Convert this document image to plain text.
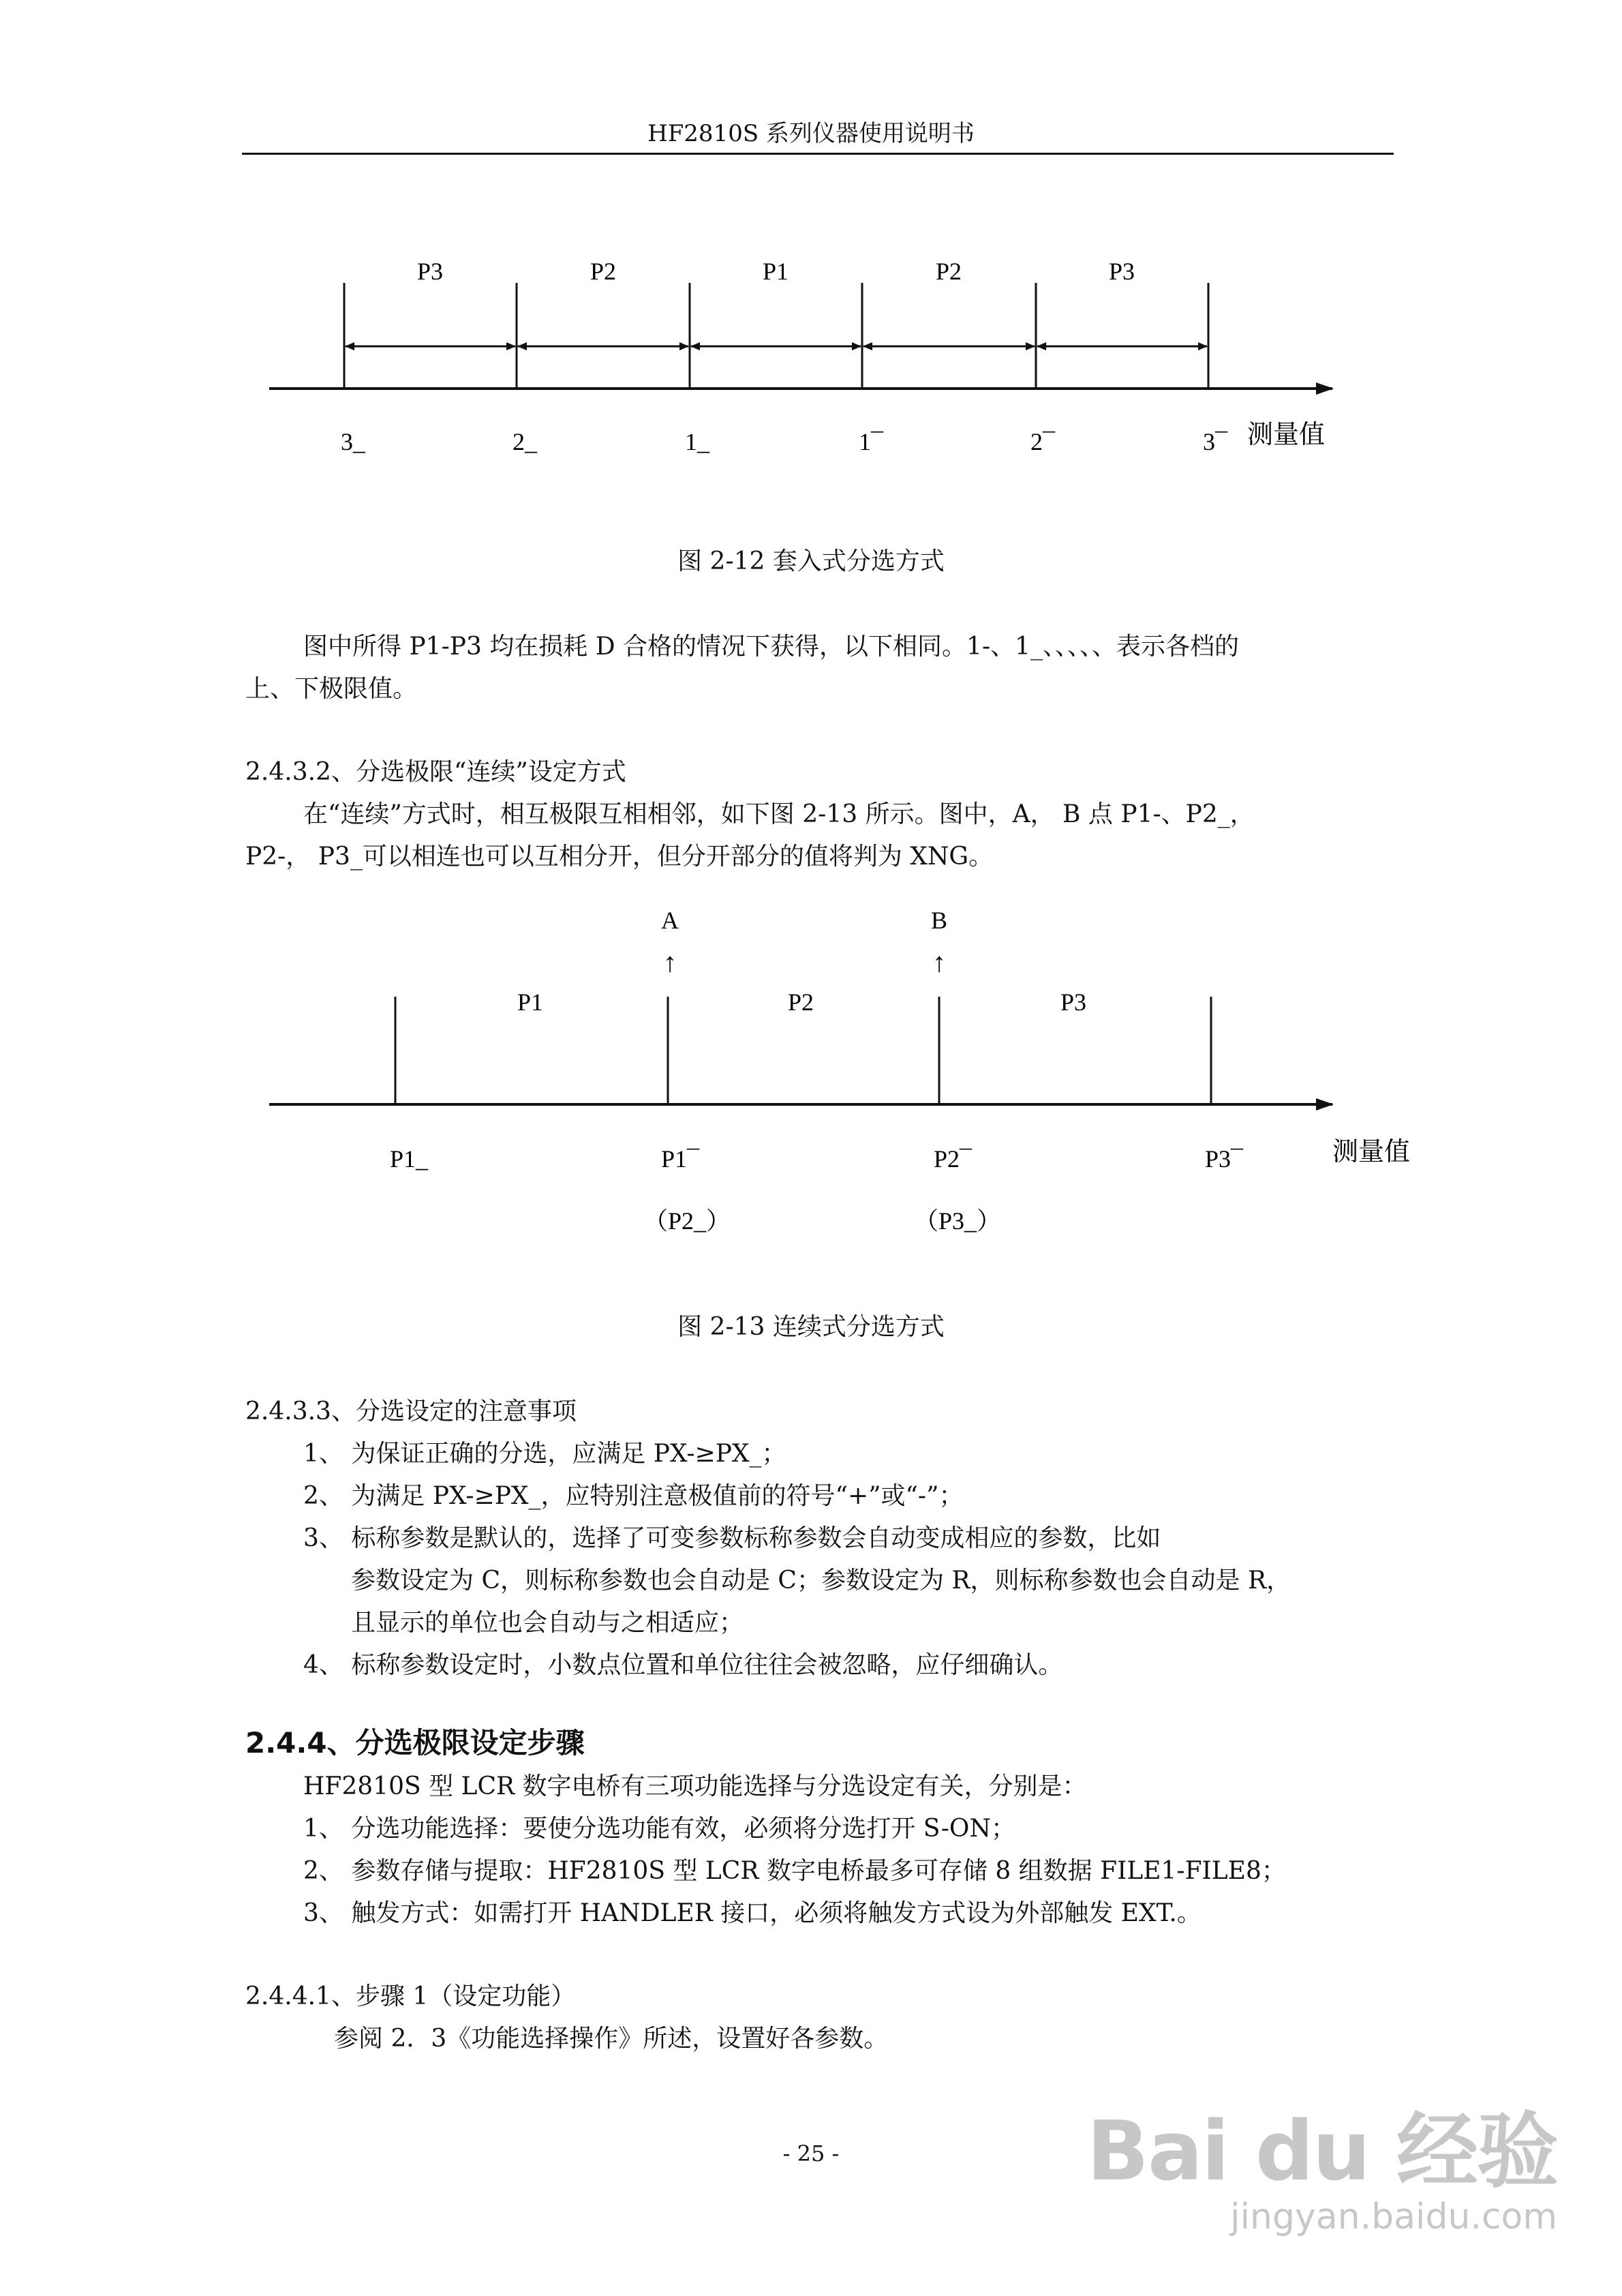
HF2810S 系列仪器使用说明书
P3	P2	P1	P2	P3
3_	2_	1_	1¯	2¯	3¯ 测量值
图 2-12 套入式分选方式
图中所得 P1-P3 均在损耗 D 合格的情况下获得，以下相同。1-、1_、、、、、表示各档的
上、下极限值。
2.4.3.2、分选极限“连续”设定方式
在“连续”方式时，相互极限互相相邻，如下图 2-13 所示。图中，A， B 点 P1-、P2_，
P2-， P3_可以相连也可以互相分开，但分开部分的值将判为 XNG。
A	B
↑	↑
P1	P2	P3
P1_	P1¯	P2¯	P3¯	测量值
（P2_）	（P3_）
图 2-13 连续式分选方式
2.4.3.3、分选设定的注意事项
1、 为保证正确的分选，应满足 PX-≥PX_；
2、 为满足 PX-≥PX_，应特别注意极值前的符号“+”或“-”；
3、 标称参数是默认的，选择了可变参数标称参数会自动变成相应的参数，比如
参数设定为 C，则标称参数也会自动是 C；参数设定为 R，则标称参数也会自动是 R，
且显示的单位也会自动与之相适应；
4、 标称参数设定时，小数点位置和单位往往会被忽略，应仔细确认。
2.4.4、分选极限设定步骤
HF2810S 型 LCR 数字电桥有三项功能选择与分选设定有关，分别是：
1、 分选功能选择：要使分选功能有效，必须将分选打开 S-ON；
2、 参数存储与提取：HF2810S 型 LCR 数字电桥最多可存储 8 组数据 FILE1-FILE8；
3、 触发方式：如需打开 HANDLER 接口，必须将触发方式设为外部触发 EXT.。
2.4.4.1、步骤 1（设定功能）
参阅 2．3《功能选择操作》所述，设置好各参数。
- 25 -	Bai du 经验
jingyan.baidu.com
